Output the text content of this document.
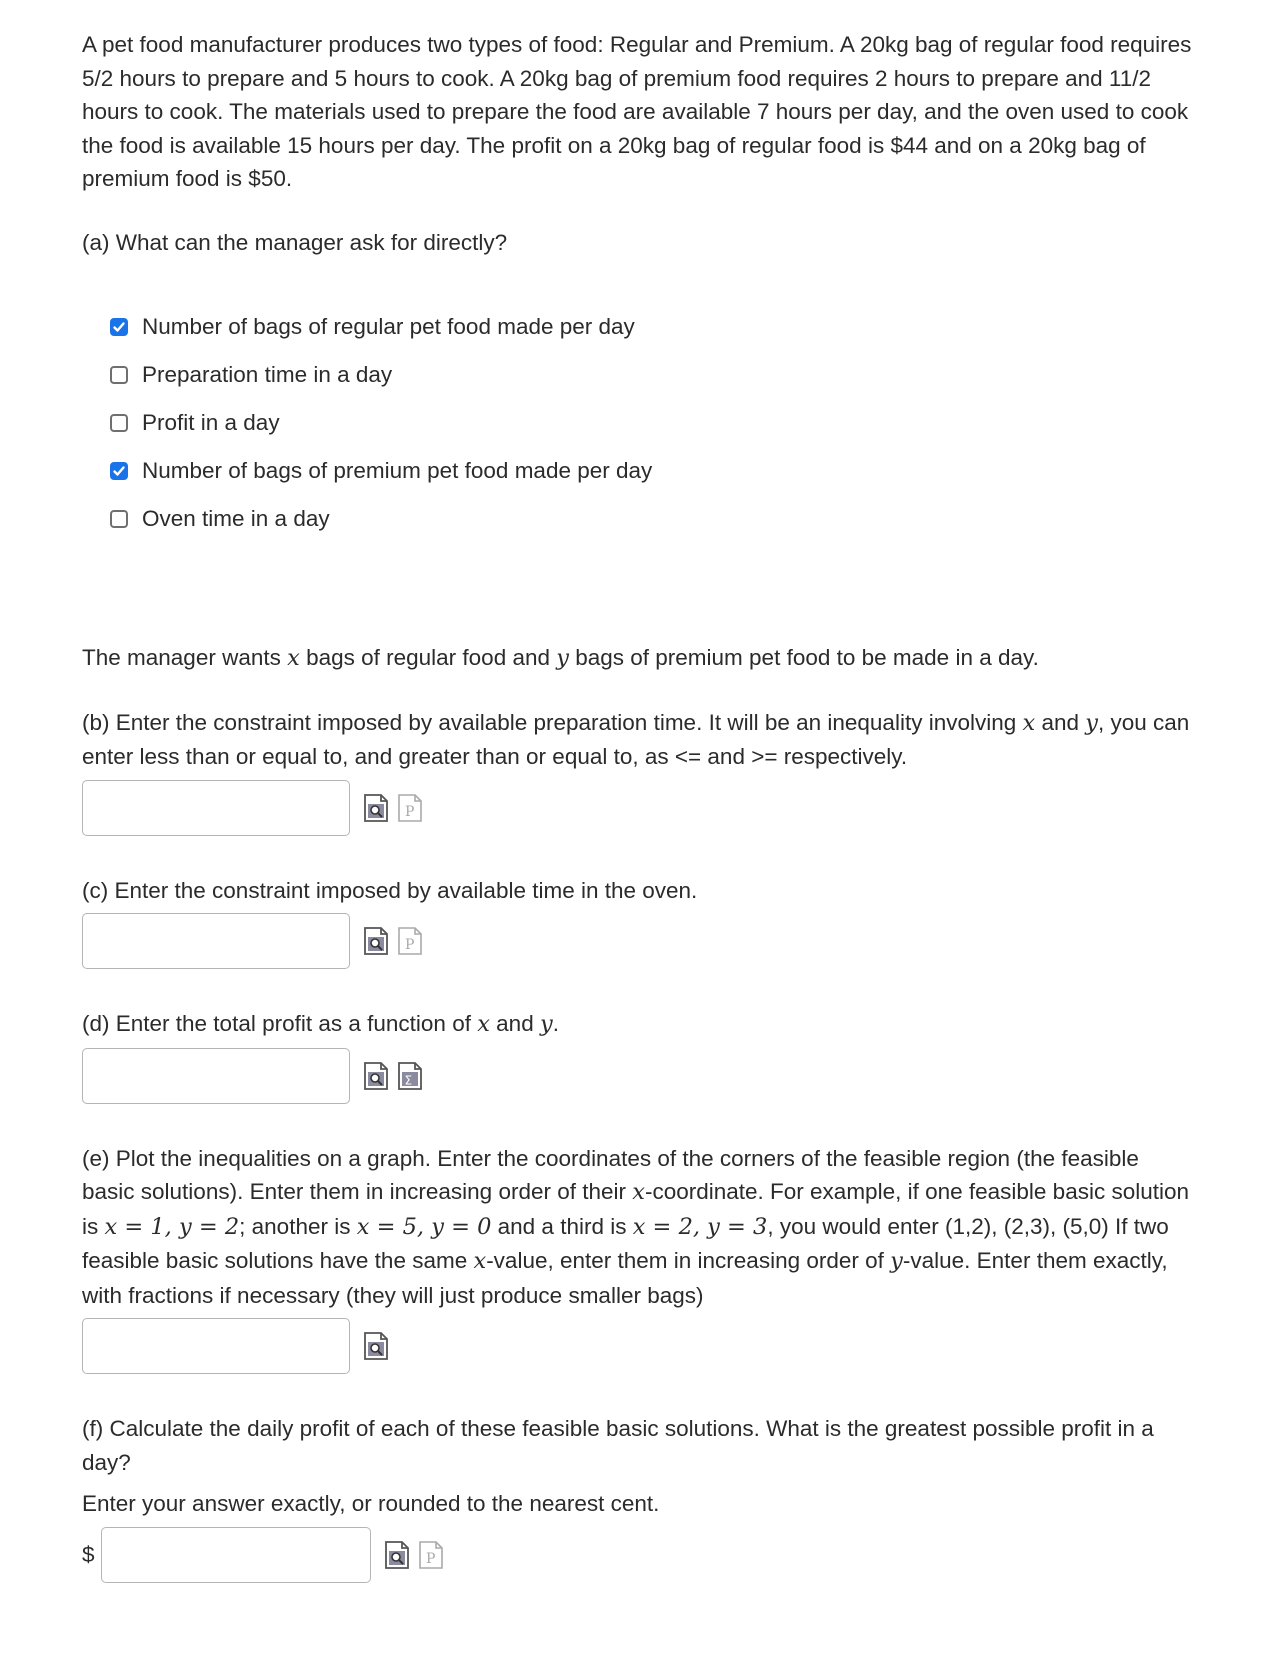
A pet food manufacturer produces two types of food: Regular and Premium. A 20kg bag of regular food requires 5/2 hours to prepare and 5 hours to cook. A 20kg bag of premium food requires 2 hours to prepare and 11/2 hours to cook. The materials used to prepare the food are available 7 hours per day, and the oven used to cook the food is available 15 hours per day. The profit on a 20kg bag of regular food is $44 and on a 20kg bag of premium food is $50.

(a) What can the manager ask for directly?

Number of bags of regular pet food made per day
Preparation time in a day
Profit in a day
Number of bags of premium pet food made per day
Oven time in a day

The manager wants x bags of regular food and y bags of premium pet food to be made in a day.

(b) Enter the constraint imposed by available preparation time. It will be an inequality involving x and y, you can enter less than or equal to, and greater than or equal to, as <= and >= respectively.

P

(c) Enter the constraint imposed by available time in the oven.

P

(d) Enter the total profit as a function of x and y.

Σ

(e) Plot the inequalities on a graph. Enter the coordinates of the corners of the feasible region (the feasible basic solutions). Enter them in increasing order of their x-coordinate. For example, if one feasible basic solution is x = 1, y = 2; another is x = 5, y = 0 and a third is x = 2, y = 3, you would enter (1,2), (2,3), (5,0) If two feasible basic solutions have the same x-value, enter them in increasing order of y-value. Enter them exactly, with fractions if necessary (they will just produce smaller bags)

(f) Calculate the daily profit of each of these feasible basic solutions. What is the greatest possible profit in a day?

Enter your answer exactly, or rounded to the nearest cent.

$	P
